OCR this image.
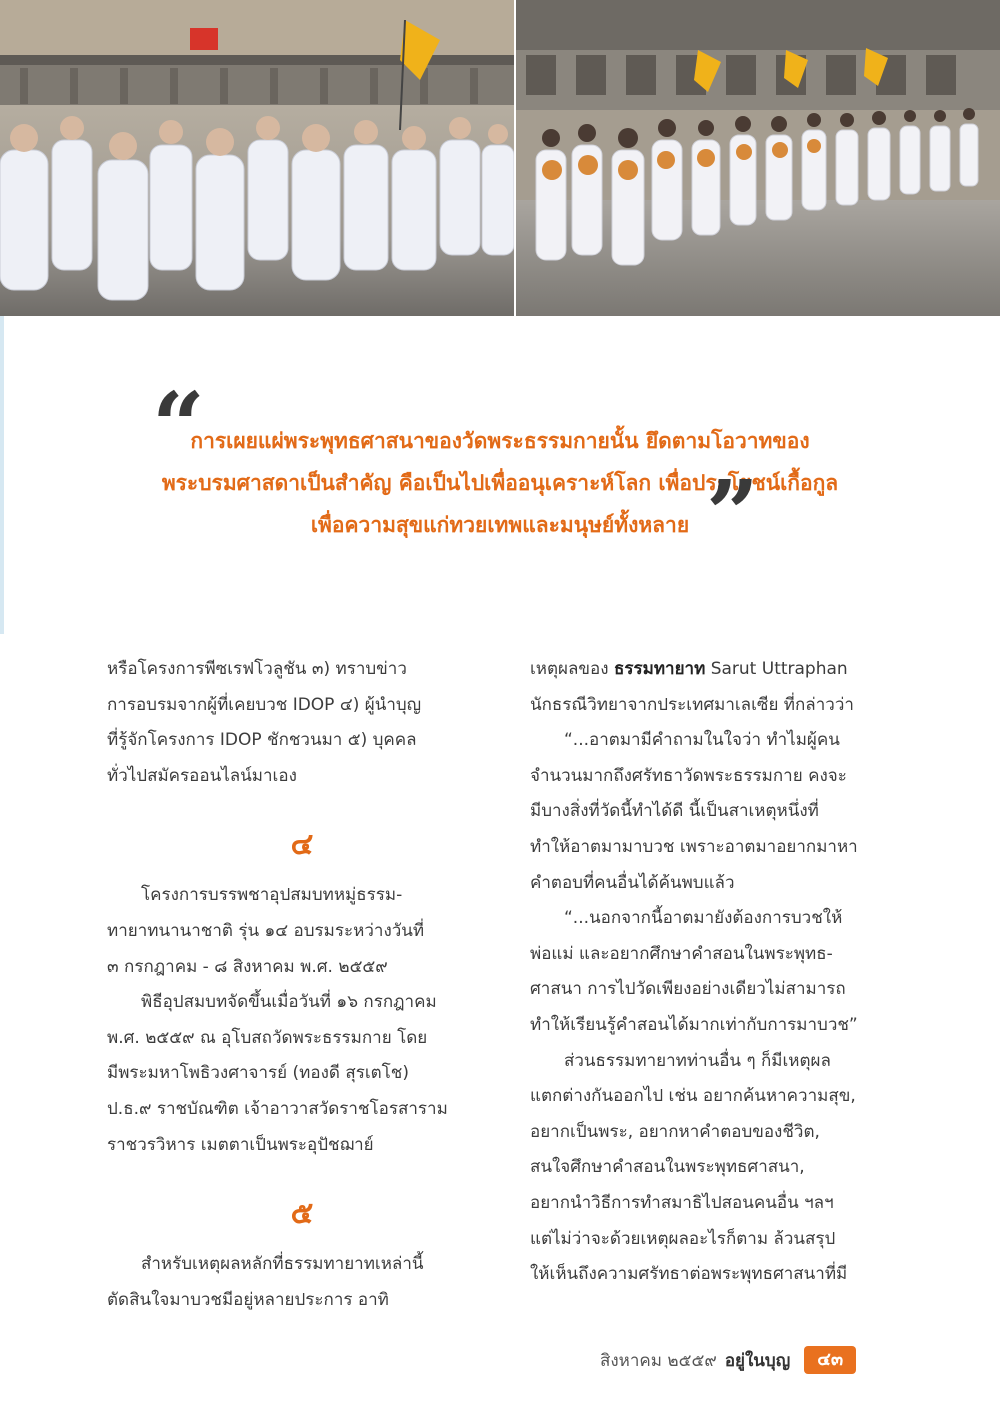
“
การเผยแผ่พระพุทธศาสนาของวัดพระธรรมกายนั้น ยึดตามโอวาทของ
พระบรมศาสดาเป็นสำคัญ คือเป็นไปเพื่ออนุเคราะห์โลก เพื่อประโยชน์เกื้อกูล
เพื่อความสุขแก่ทวยเทพและมนุษย์ทั้งหลาย ”

หรือโครงการพีซเรฟโวลูชัน ๓) ทราบข่าว
การอบรมจากผู้ที่เคยบวช IDOP ๔) ผู้นำบุญ
ที่รู้จักโครงการ IDOP ชักชวนมา ๕) บุคคล
ทั่วไปสมัครออนไลน์มาเอง

๔

โครงการบรรพชาอุปสมบทหมู่ธรรม-
ทายาทนานาชาติ รุ่น ๑๔ อบรมระหว่างวันที่
๓ กรกฎาคม - ๘ สิงหาคม พ.ศ. ๒๕๕๙

พิธีอุปสมบทจัดขึ้นเมื่อวันที่ ๑๖ กรกฎาคม
พ.ศ. ๒๕๕๙ ณ อุโบสถวัดพระธรรมกาย โดย
มีพระมหาโพธิวงศาจารย์ (ทองดี สุรเตโช)
ป.ธ.๙ ราชบัณฑิต เจ้าอาวาสวัดราชโอรสาราม
ราชวรวิหาร เมตตาเป็นพระอุปัชฌาย์

๕

สำหรับเหตุผลหลักที่ธรรมทายาทเหล่านี้
ตัดสินใจมาบวชมีอยู่หลายประการ อาทิ

เหตุผลของ ธรรมทายาท Sarut Uttraphan
นักธรณีวิทยาจากประเทศมาเลเซีย ที่กล่าวว่า

“...อาตมามีคำถามในใจว่า ทำไมผู้คน
จำนวนมากถึงศรัทธาวัดพระธรรมกาย คงจะ
มีบางสิ่งที่วัดนี้ทำได้ดี นี้เป็นสาเหตุหนึ่งที่
ทำให้อาตมามาบวช เพราะอาตมาอยากมาหา
คำตอบที่คนอื่นได้ค้นพบแล้ว

“...นอกจากนี้อาตมายังต้องการบวชให้
พ่อแม่ และอยากศึกษาคำสอนในพระพุทธ-
ศาสนา การไปวัดเพียงอย่างเดียวไม่สามารถ
ทำให้เรียนรู้คำสอนได้มากเท่ากับการมาบวช”

ส่วนธรรมทายาทท่านอื่น ๆ ก็มีเหตุผล
แตกต่างกันออกไป เช่น อยากค้นหาความสุข,
อยากเป็นพระ, อยากหาคำตอบของชีวิต,
สนใจศึกษาคำสอนในพระพุทธศาสนา,
อยากนำวิธีการทำสมาธิไปสอนคนอื่น ฯลฯ
แต่ไม่ว่าจะด้วยเหตุผลอะไรก็ตาม ล้วนสรุป
ให้เห็นถึงความศรัทธาต่อพระพุทธศาสนาที่มี

สิงหาคม ๒๕๕๙ อยู่ในบุญ	๔๓
